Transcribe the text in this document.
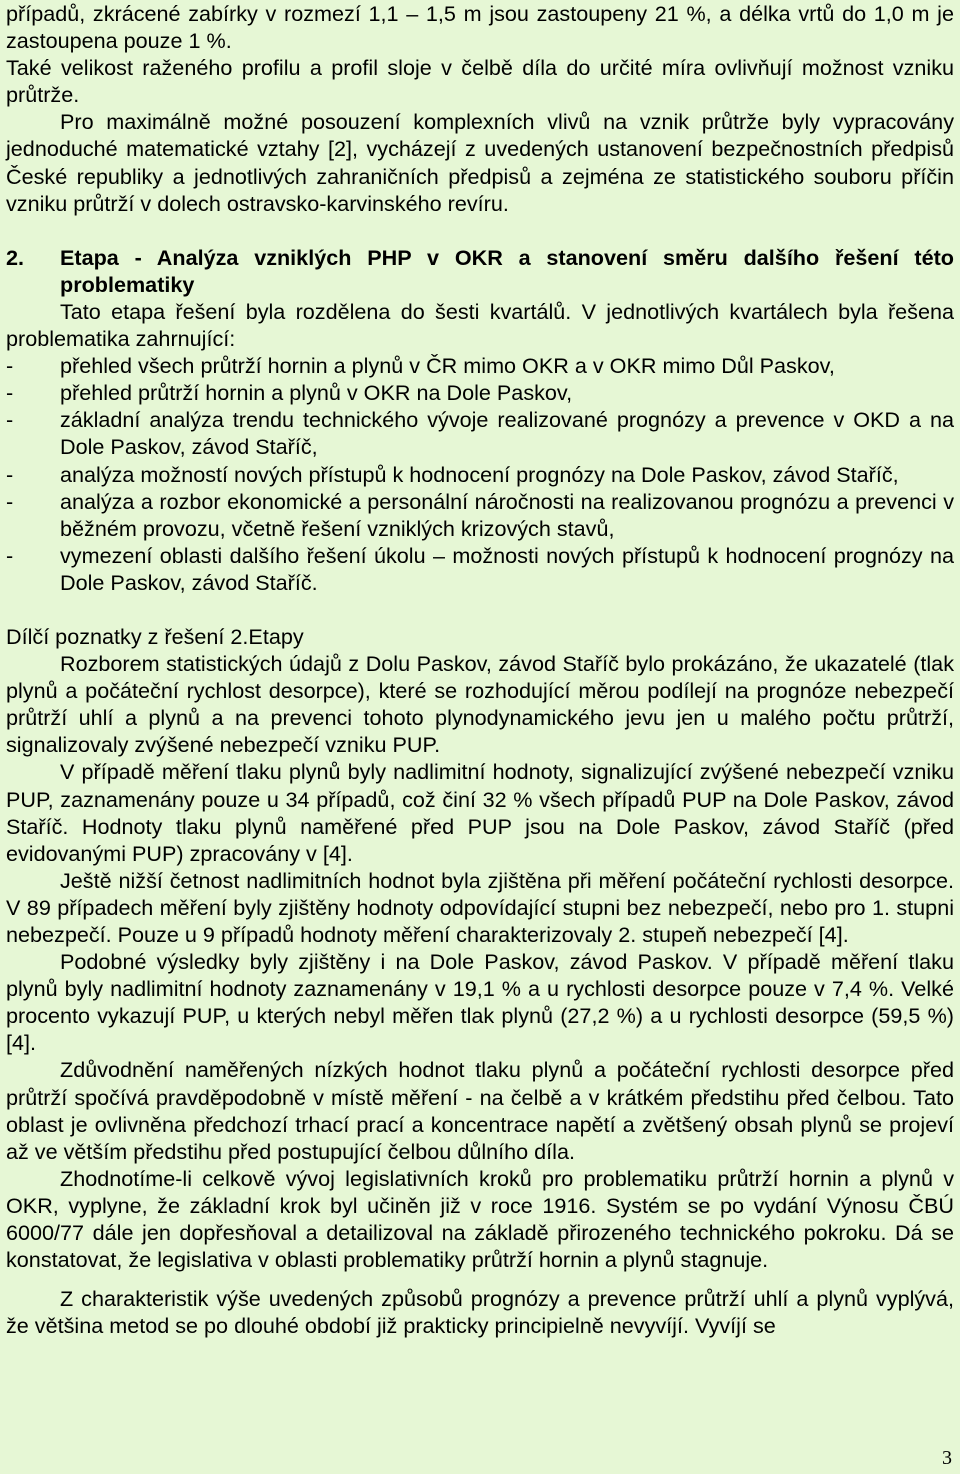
případů, zkrácené zabírky v rozmezí 1,1 – 1,5 m jsou zastoupeny 21 %, a délka vrtů do 1,0 m je zastoupena pouze 1 %.

Také velikost raženého profilu a profil sloje v čelbě díla do určité míra ovlivňují možnost vzniku průtrže.

Pro maximálně možné posouzení komplexních vlivů na vznik průtrže byly vypracovány jednoduché matematické vztahy [2], vycházejí z uvedených ustanovení bezpečnostních předpisů České republiky a jednotlivých zahraničních předpisů a zejména ze statistického souboru příčin vzniku průtrží v dolech ostravsko-karvinského revíru.

2.	Etapa - Analýza vzniklých PHP v OKR a stanovení směru dalšího řešení této problematiky

Tato etapa řešení byla rozdělena do šesti kvartálů. V jednotlivých kvartálech byla řešena problematika zahrnující:

-	přehled všech průtrží hornin a plynů v ČR mimo OKR a v OKR mimo Důl Paskov,
-	přehled průtrží hornin a plynů v OKR na Dole Paskov,
-	základní analýza trendu technického vývoje realizované prognózy a prevence v OKD a na Dole Paskov, závod Staříč,
-	analýza možností nových přístupů k hodnocení prognózy na Dole Paskov, závod Staříč,
-	analýza a rozbor ekonomické a personální náročnosti na realizovanou prognózu a prevenci v běžném provozu, včetně řešení vzniklých krizových stavů,
-	vymezení oblasti dalšího řešení úkolu – možnosti nových přístupů k hodnocení prognózy na Dole Paskov, závod Staříč.

Dílčí poznatky z řešení 2.Etapy

Rozborem statistických údajů z Dolu Paskov, závod Staříč bylo prokázáno, že ukazatelé (tlak plynů a počáteční rychlost desorpce), které se rozhodující měrou podílejí na prognóze nebezpečí průtrží uhlí a plynů a na prevenci tohoto plynodynamického jevu jen u malého počtu průtrží, signalizovaly zvýšené nebezpečí vzniku PUP.

V případě měření tlaku plynů byly nadlimitní hodnoty, signalizující zvýšené nebezpečí vzniku PUP, zaznamenány pouze u 34 případů, což činí 32 % všech případů PUP na Dole Paskov, závod Staříč. Hodnoty tlaku plynů naměřené před PUP jsou na Dole Paskov, závod Staříč (před evidovanými PUP) zpracovány v [4].

Ještě nižší četnost nadlimitních hodnot byla zjištěna při měření počáteční rychlosti desorpce. V 89 případech měření byly zjištěny hodnoty odpovídající stupni bez nebezpečí, nebo pro 1. stupni nebezpečí. Pouze u 9 případů hodnoty měření charakterizovaly 2. stupeň nebezpečí [4].

Podobné výsledky byly zjištěny i na Dole Paskov, závod Paskov. V případě měření tlaku plynů byly nadlimitní hodnoty zaznamenány v 19,1 % a u rychlosti desorpce pouze v 7,4 %. Velké procento vykazují PUP, u kterých nebyl měřen tlak plynů (27,2 %) a u rychlosti desorpce (59,5 %) [4].

Zdůvodnění naměřených nízkých hodnot tlaku plynů a počáteční rychlosti desorpce před průtrží spočívá pravděpodobně v místě měření - na čelbě a v krátkém předstihu před čelbou. Tato oblast je ovlivněna předchozí trhací prací a koncentrace napětí a zvětšený obsah plynů se projeví až ve větším předstihu před postupující čelbou důlního díla.

Zhodnotíme-li celkově vývoj legislativních kroků pro problematiku průtrží hornin a plynů v OKR, vyplyne, že základní krok byl učiněn již v roce 1916. Systém se po vydání Výnosu ČBÚ 6000/77 dále jen dopřesňoval a detailizoval na základě přirozeného technického pokroku. Dá se konstatovat, že legislativa v oblasti problematiky průtrží hornin a plynů stagnuje.

Z charakteristik výše uvedených způsobů prognózy a prevence průtrží uhlí a plynů vyplývá, že většina metod se po dlouhé období již prakticky principielně nevyvíjí. Vyvíjí se

3
